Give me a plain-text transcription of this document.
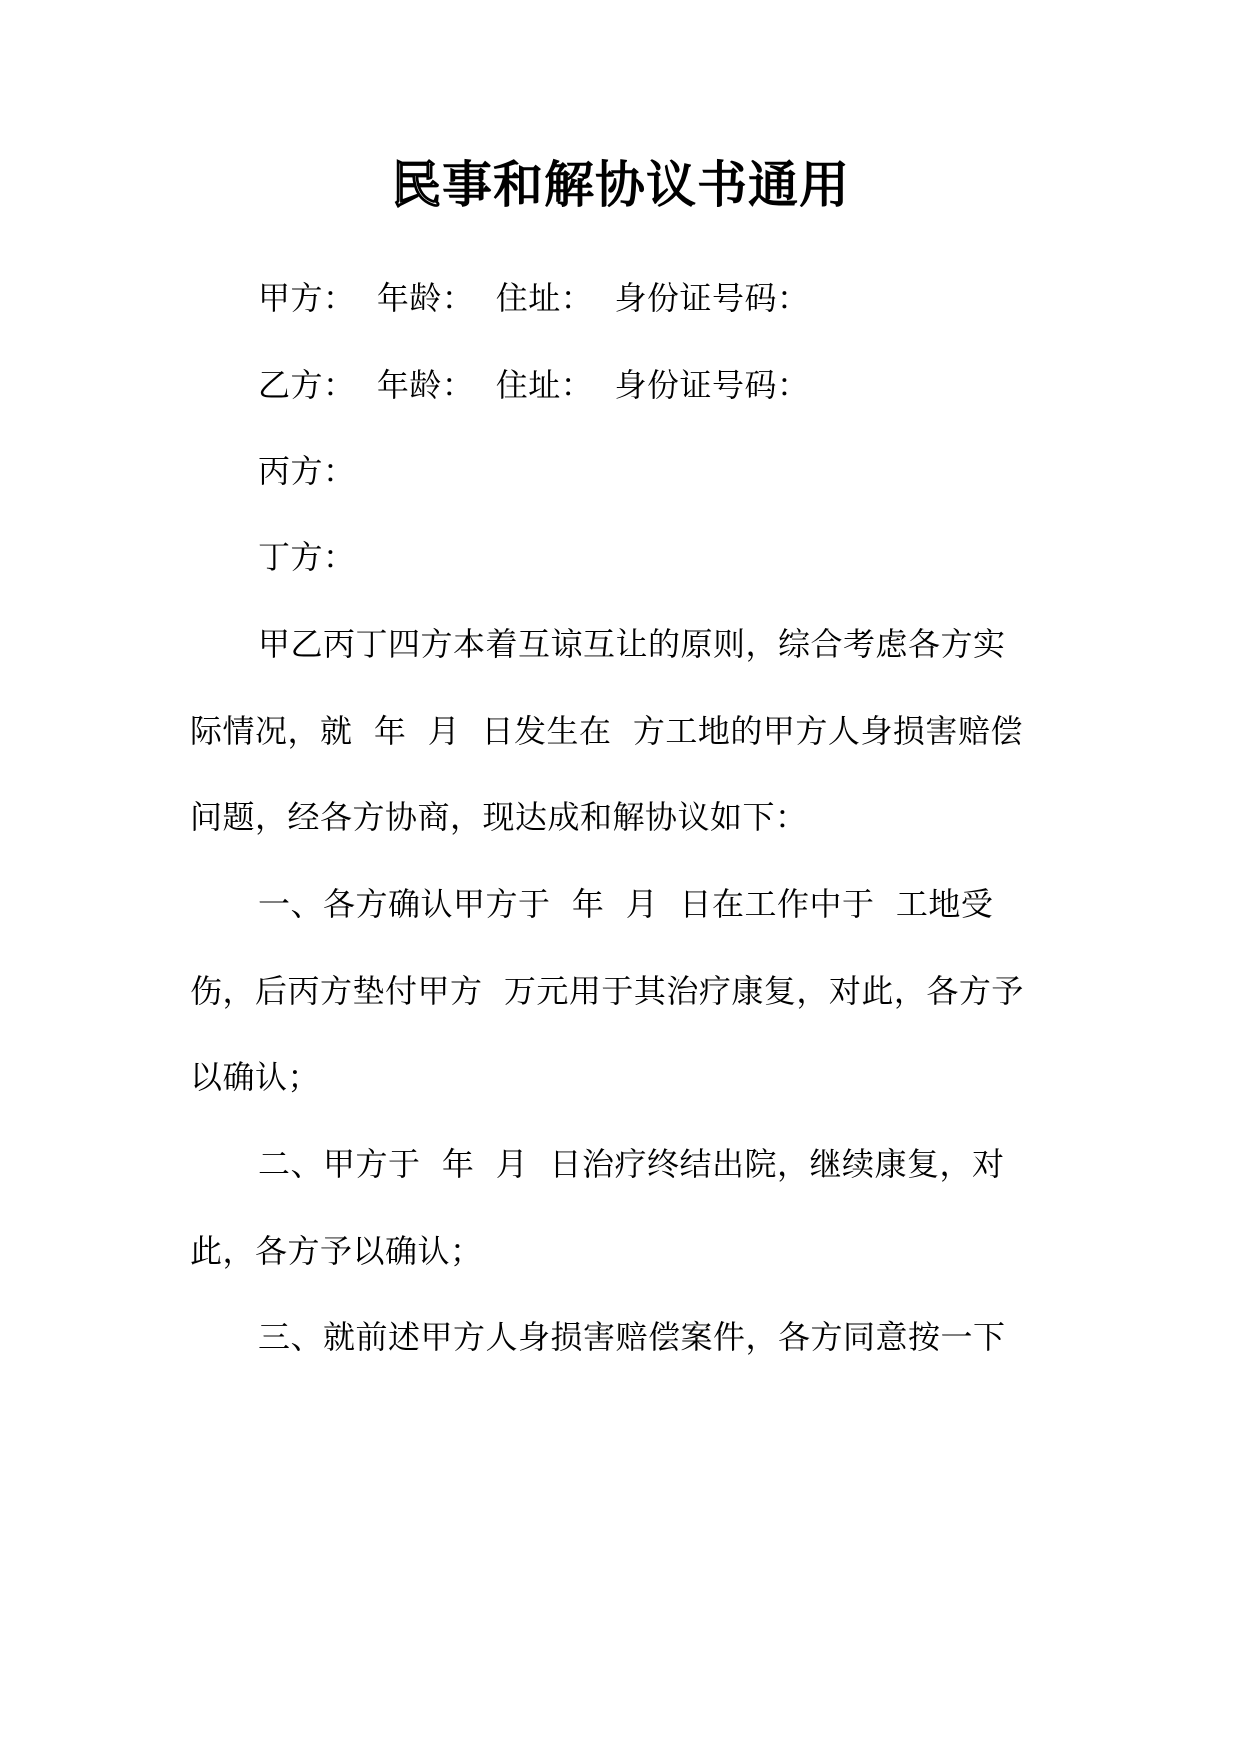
民事和解协议书通用
甲方：  年龄：  住址：  身份证号码：
乙方：  年龄：  住址：  身份证号码：
丙方：
丁方：
甲乙丙丁四方本着互谅互让的原则，综合考虑各方实
际情况，就  年  月  日发生在  方工地的甲方人身损害赔偿
问题，经各方协商，现达成和解协议如下：
一、各方确认甲方于  年  月  日在工作中于  工地受
伤，后丙方垫付甲方  万元用于其治疗康复，对此，各方予
以确认；
二、甲方于  年  月  日治疗终结出院，继续康复，对
此，各方予以确认；
三、就前述甲方人身损害赔偿案件，各方同意按一下
